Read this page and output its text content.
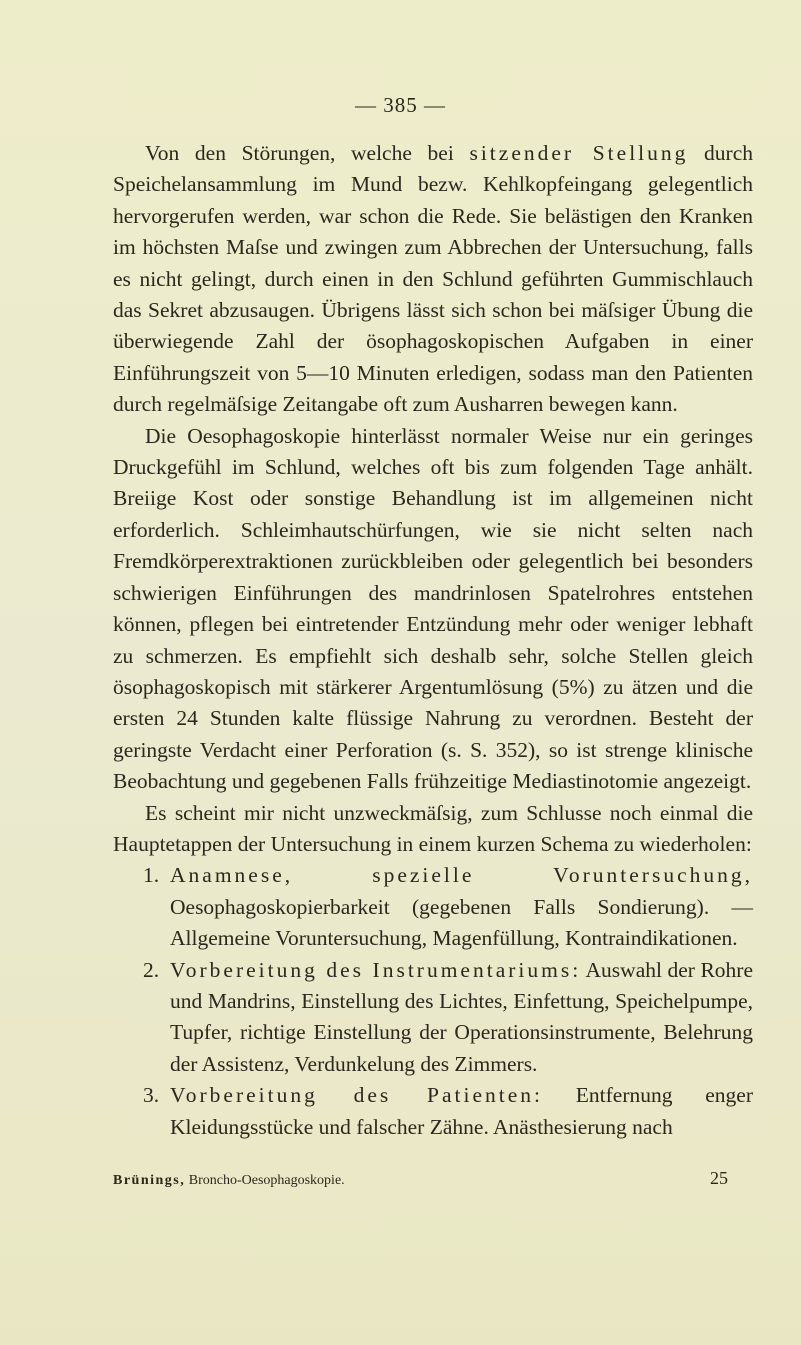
— 385 —

Von den Störungen, welche bei sitzender Stellung durch Speichelansammlung im Mund bezw. Kehlkopfeingang gelegentlich hervorgerufen werden, war schon die Rede. Sie belästigen den Kranken im höchsten Maſse und zwingen zum Abbrechen der Untersuchung, falls es nicht gelingt, durch einen in den Schlund geführten Gummischlauch das Sekret abzusaugen. Übrigens lässt sich schon bei mäſsiger Übung die überwiegende Zahl der ösophagoskopischen Aufgaben in einer Einführungszeit von 5—10 Minuten erledigen, sodass man den Patienten durch regelmäſsige Zeitangabe oft zum Ausharren bewegen kann.

Die Oesophagoskopie hinterlässt normaler Weise nur ein geringes Druckgefühl im Schlund, welches oft bis zum folgenden Tage anhält. Breiige Kost oder sonstige Behandlung ist im allgemeinen nicht erforderlich. Schleimhautschürfungen, wie sie nicht selten nach Fremdkörperextraktionen zurückbleiben oder gelegentlich bei besonders schwierigen Einführungen des mandrinlosen Spatelrohres entstehen können, pflegen bei eintretender Entzündung mehr oder weniger lebhaft zu schmerzen. Es empfiehlt sich deshalb sehr, solche Stellen gleich ösophagoskopisch mit stärkerer Argentumlösung (5%) zu ätzen und die ersten 24 Stunden kalte flüssige Nahrung zu verordnen. Besteht der geringste Verdacht einer Perforation (s. S. 352), so ist strenge klinische Beobachtung und gegebenen Falls frühzeitige Mediastinotomie angezeigt.

Es scheint mir nicht unzweckmäſsig, zum Schlusse noch einmal die Hauptetappen der Untersuchung in einem kurzen Schema zu wiederholen:

1. Anamnese, spezielle Voruntersuchung, Oesophagoskopierbarkeit (gegebenen Falls Sondierung). — Allgemeine Voruntersuchung, Magenfüllung, Kontraindikationen.

2. Vorbereitung des Instrumentariums: Auswahl der Rohre und Mandrins, Einstellung des Lichtes, Einfettung, Speichelpumpe, Tupfer, richtige Einstellung der Operationsinstrumente, Belehrung der Assistenz, Verdunkelung des Zimmers.

3. Vorbereitung des Patienten: Entfernung enger Kleidungsstücke und falscher Zähne. Anästhesierung nach

Brünings, Broncho-Oesophagoskopie.	25
